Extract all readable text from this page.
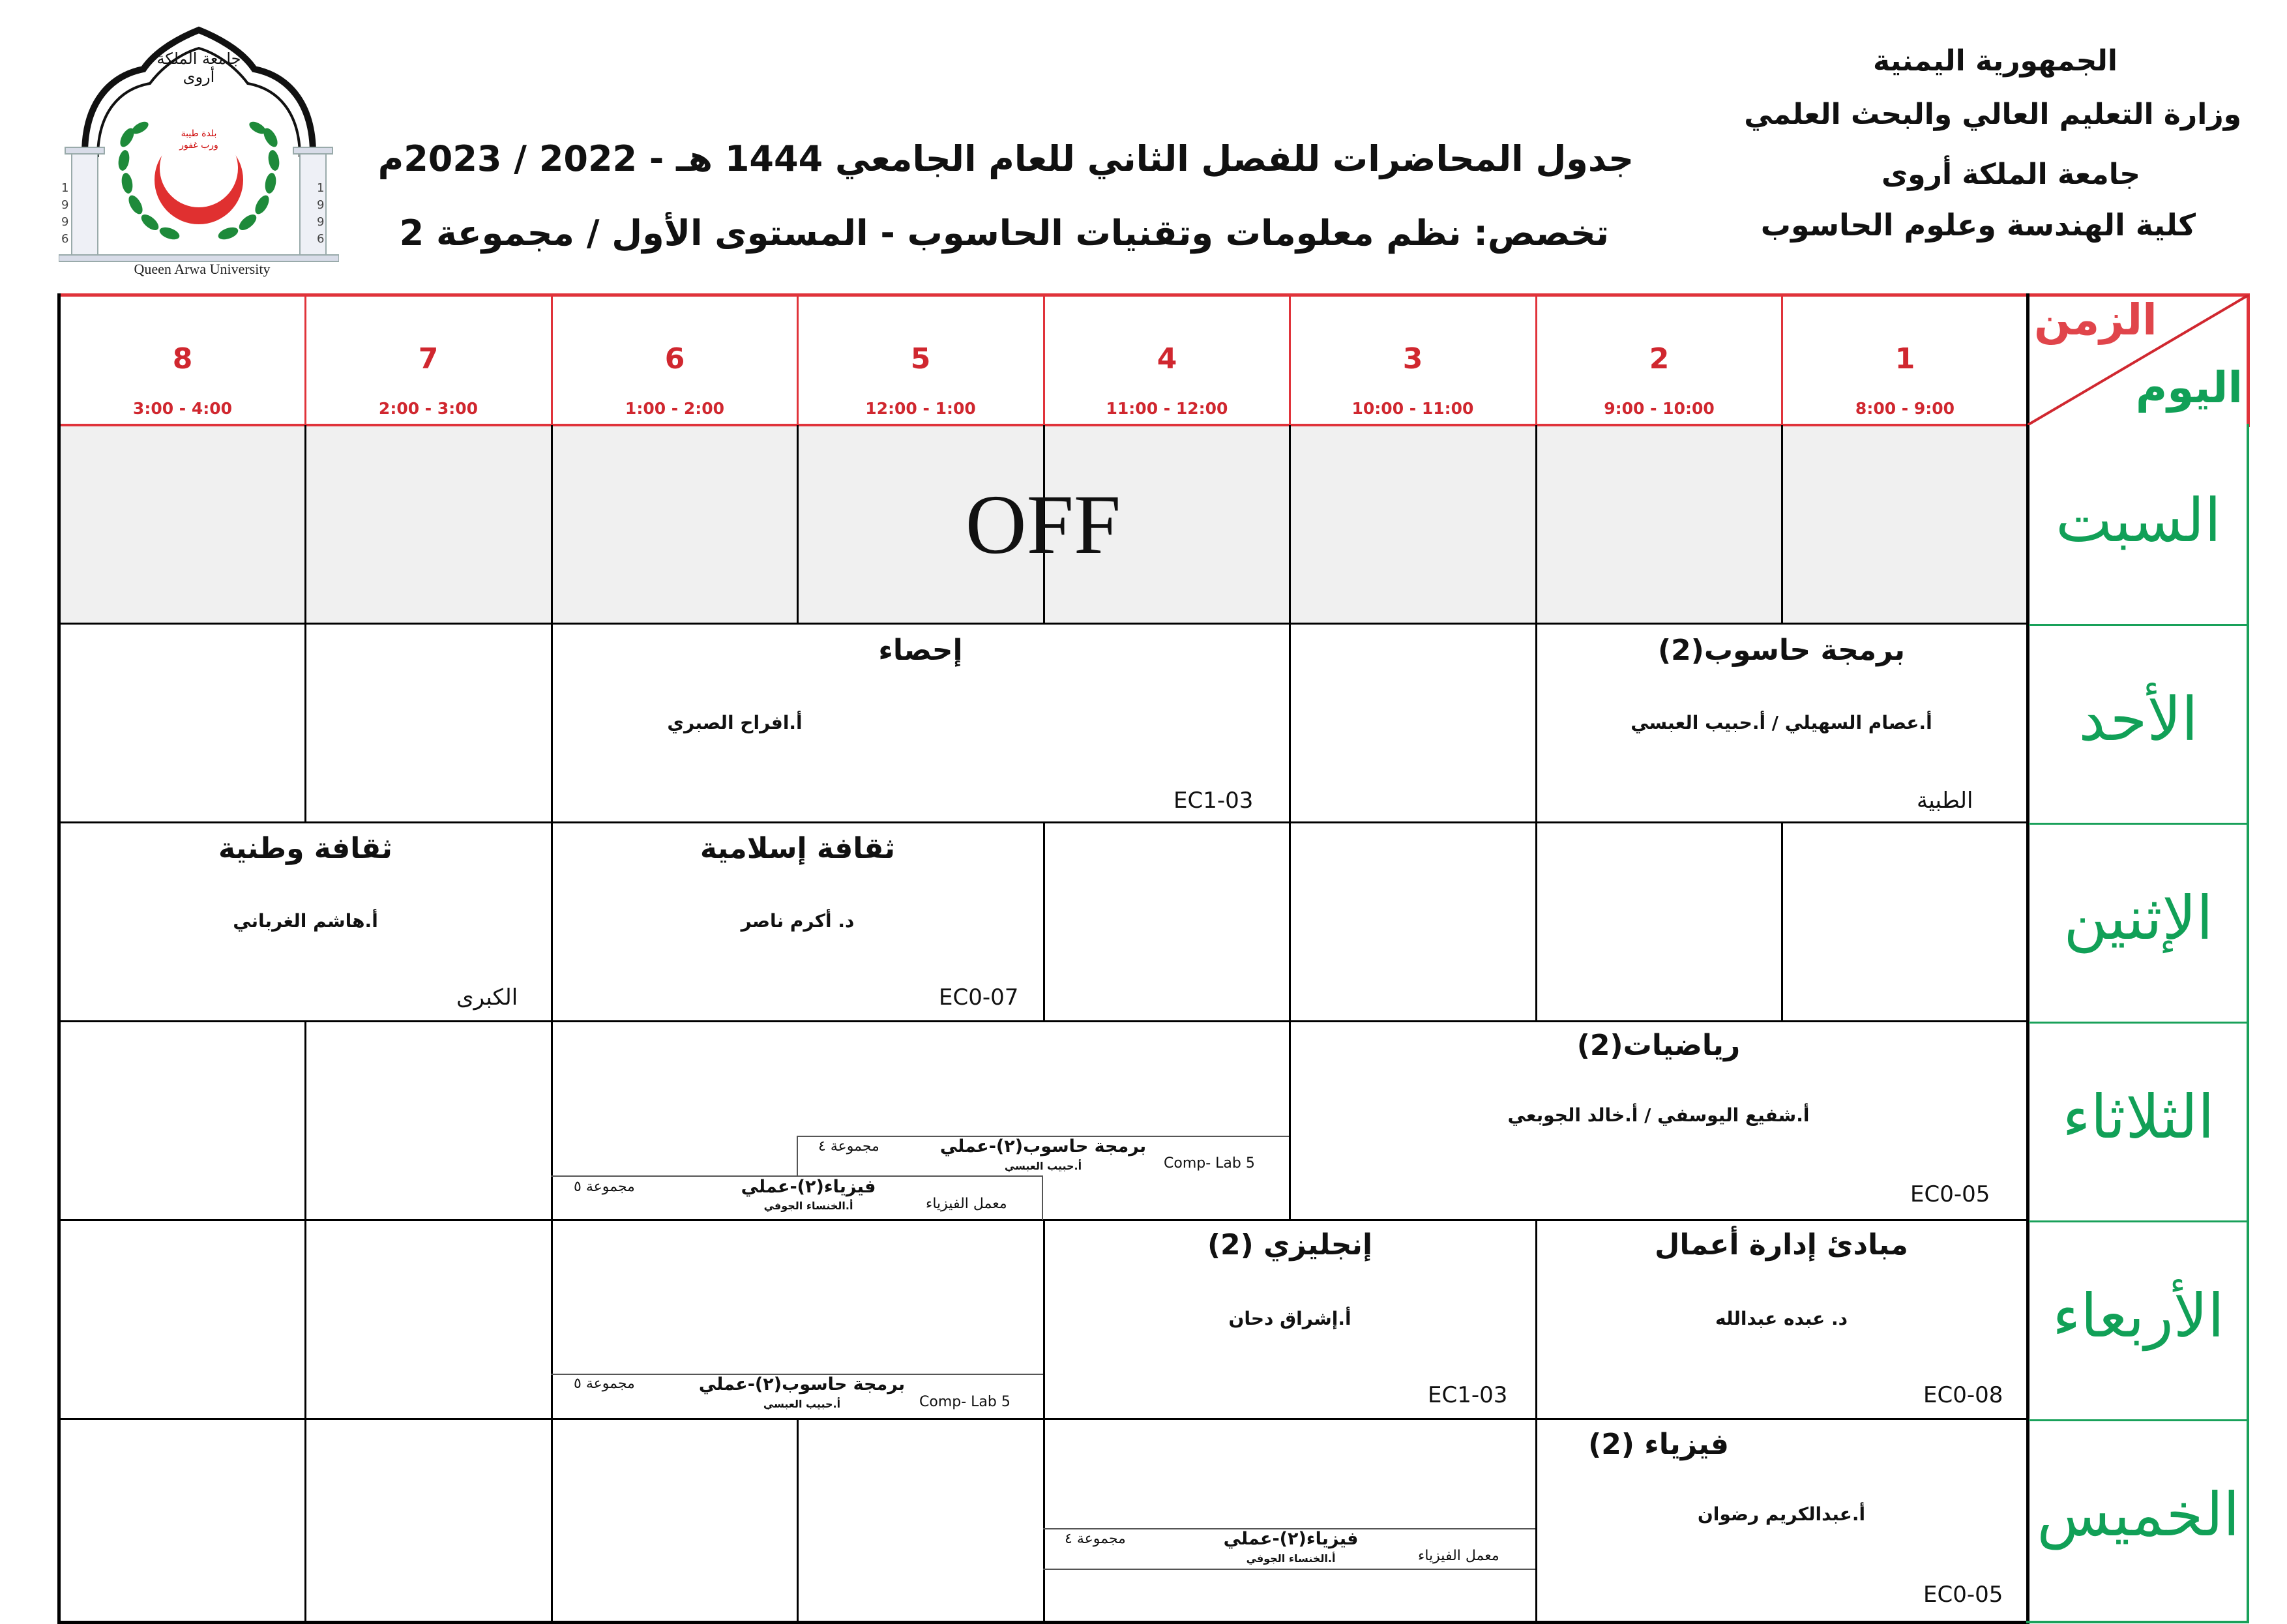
الجمهورية اليمنية
وزارة التعليم العالي والبحث العلمي
جامعة الملكة أروى
كلية الهندسة وعلوم الحاسوب
جدول المحاضرات للفصل الثاني للعام الجامعي 1444 هـ - 2022 / 2023م
تخصص: نظم معلومات وتقنيات الحاسوب - المستوى الأول / مجموعة 2
جامعة الملكة أروى
بلدة طيبة ورب غفور
1 9 9 6
1 9 9 6
Queen Arwa University
الزمن
اليوم
1
8:00 - 9:00
2
9:00 - 10:00
3
10:00 - 11:00
4
11:00 - 12:00
5
12:00 - 1:00
6
1:00 - 2:00
7
2:00 - 3:00
8
3:00 - 4:00
السبت
الأحد
الإثنين
الثلاثاء
الأربعاء
الخميس
OFF
برمجة حاسوب(2)
أ.عصام السهيلي / أ.حبيب العبسي
الطبية
إحصاء
أ.افراح الصبري
EC1-03
ثقافة إسلامية
د. أكرم ناصر
EC0-07
ثقافة وطنية
أ.هاشم الغرباني
الكبرى
رياضيات(2)
أ.شفيع اليوسفي / أ.خالد الجوبعي
EC0-05
برمجة حاسوب(٢)-عملي
أ.حبيب العبسي
مجموعة ٤
Comp- Lab 5
فيزياء(٢)-عملي
أ.الخنساء الجوفي
مجموعة ٥
معمل الفيزياء
مبادئ إدارة أعمال
د. عبده عبدالله
EC0-08
إنجليزي (2)
أ.إشراق دحان
EC1-03
برمجة حاسوب(٢)-عملي
أ.حبيب العبسي
مجموعة ٥
Comp- Lab 5
فيزياء (2)
أ.عبدالكريم رضوان
EC0-05
فيزياء(٢)-عملي
أ.الخنساء الجوفي
مجموعة ٤
معمل الفيزياء
